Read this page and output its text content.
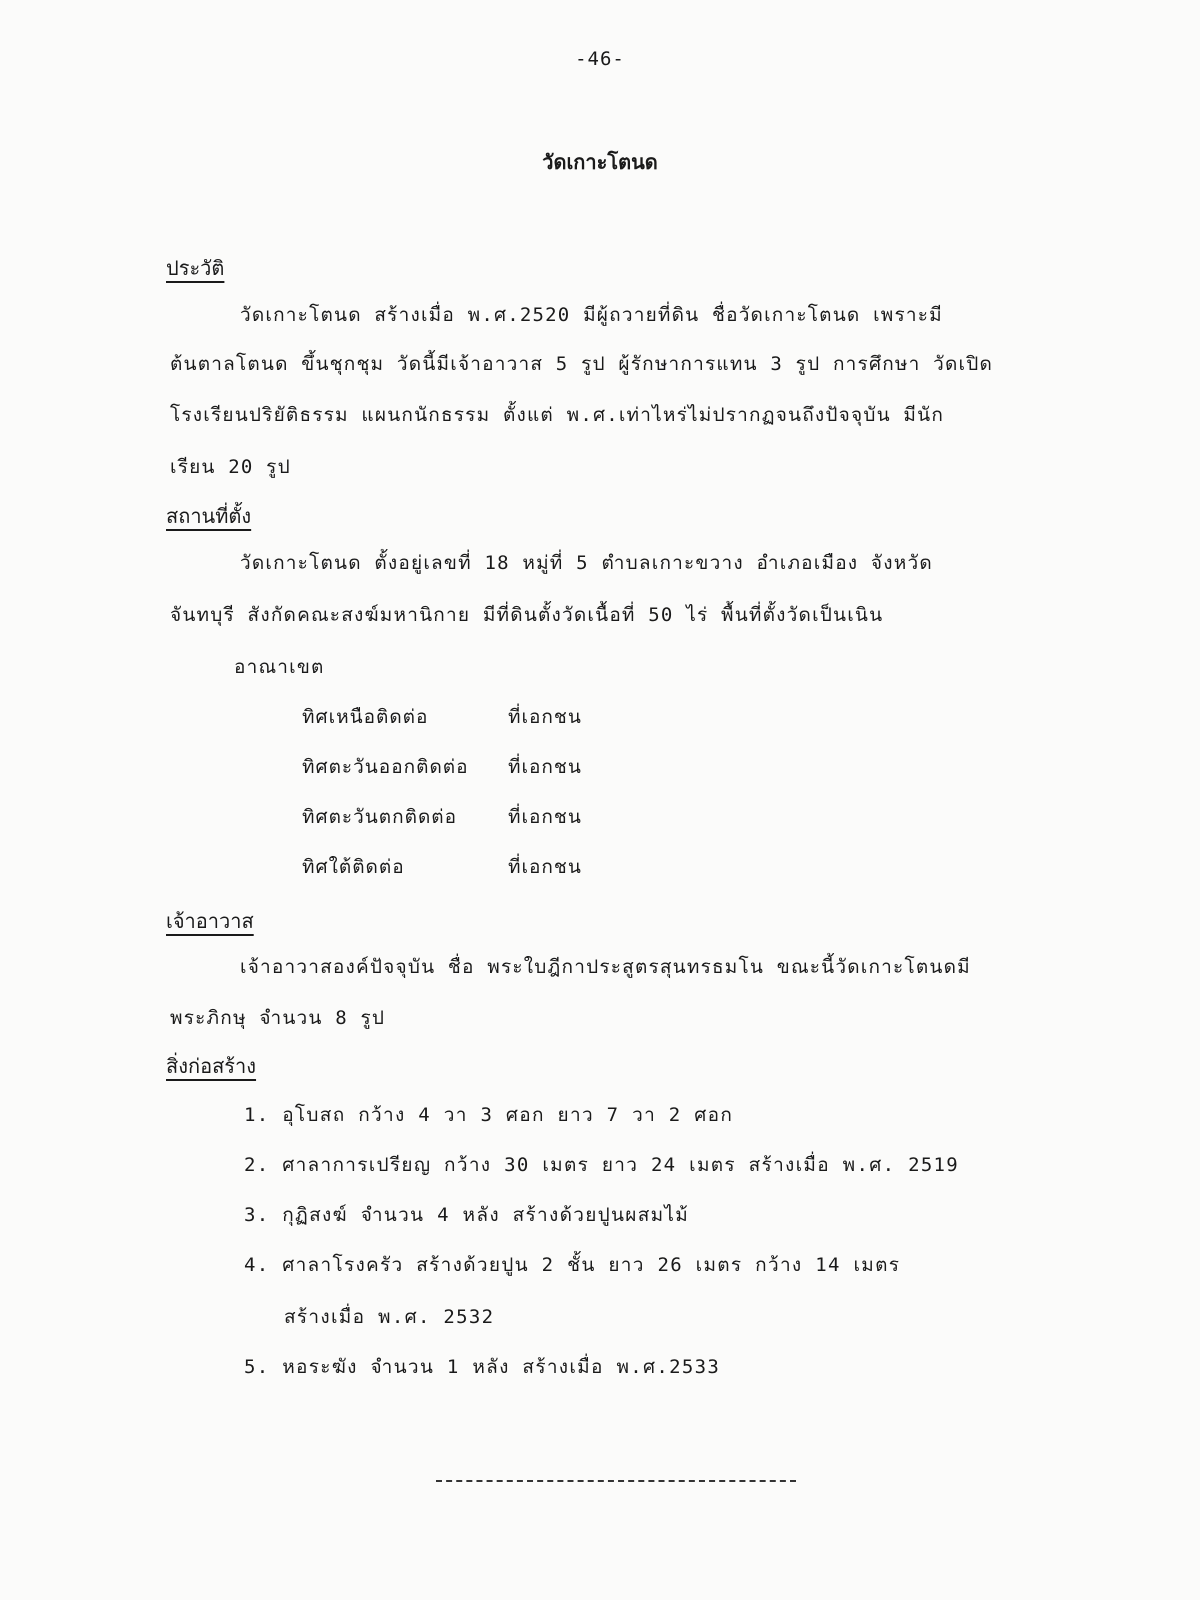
-46-
วัดเกาะโตนด
ประวัติ
วัดเกาะโตนด สร้างเมื่อ พ.ศ.2520 มีผู้ถวายที่ดิน ชื่อวัดเกาะโตนด เพราะมี
ต้นตาลโตนด ขึ้นชุกชุม วัดนี้มีเจ้าอาวาส 5 รูป ผู้รักษาการแทน 3 รูป การศึกษา วัดเปิด
โรงเรียนปริยัติธรรม แผนกนักธรรม ตั้งแต่ พ.ศ.เท่าไหร่ไม่ปรากฏจนถึงปัจจุบัน มีนัก
เรียน 20 รูป
สถานที่ตั้ง
วัดเกาะโตนด ตั้งอยู่เลขที่ 18 หมู่ที่ 5 ตำบลเกาะขวาง อำเภอเมือง จังหวัด
จันทบุรี สังกัดคณะสงฆ์มหานิกาย มีที่ดินตั้งวัดเนื้อที่ 50 ไร่ พื้นที่ตั้งวัดเป็นเนิน
อาณาเขต
ทิศเหนือติดต่อ	ที่เอกชน
ทิศตะวันออกติดต่อ ที่เอกชน
ทิศตะวันตกติดต่อ	ที่เอกชน
ทิศใต้ติดต่อ	ที่เอกชน
เจ้าอาวาส
เจ้าอาวาสองค์ปัจจุบัน ชื่อ พระใบฎีกาประสูตรสุนทรธมโน ขณะนี้วัดเกาะโตนดมี
พระภิกษุ จำนวน 8 รูป
สิ่งก่อสร้าง
1. อุโบสถ กว้าง 4 วา 3 ศอก ยาว 7 วา 2 ศอก
2. ศาลาการเปรียญ กว้าง 30 เมตร ยาว 24 เมตร สร้างเมื่อ พ.ศ. 2519
3. กุฏิสงฆ์ จำนวน 4 หลัง สร้างด้วยปูนผสมไม้
4. ศาลาโรงครัว สร้างด้วยปูน 2 ชั้น ยาว 26 เมตร กว้าง 14 เมตร
สร้างเมื่อ พ.ศ. 2532
5. หอระฆัง จำนวน 1 หลัง สร้างเมื่อ พ.ศ.2533
